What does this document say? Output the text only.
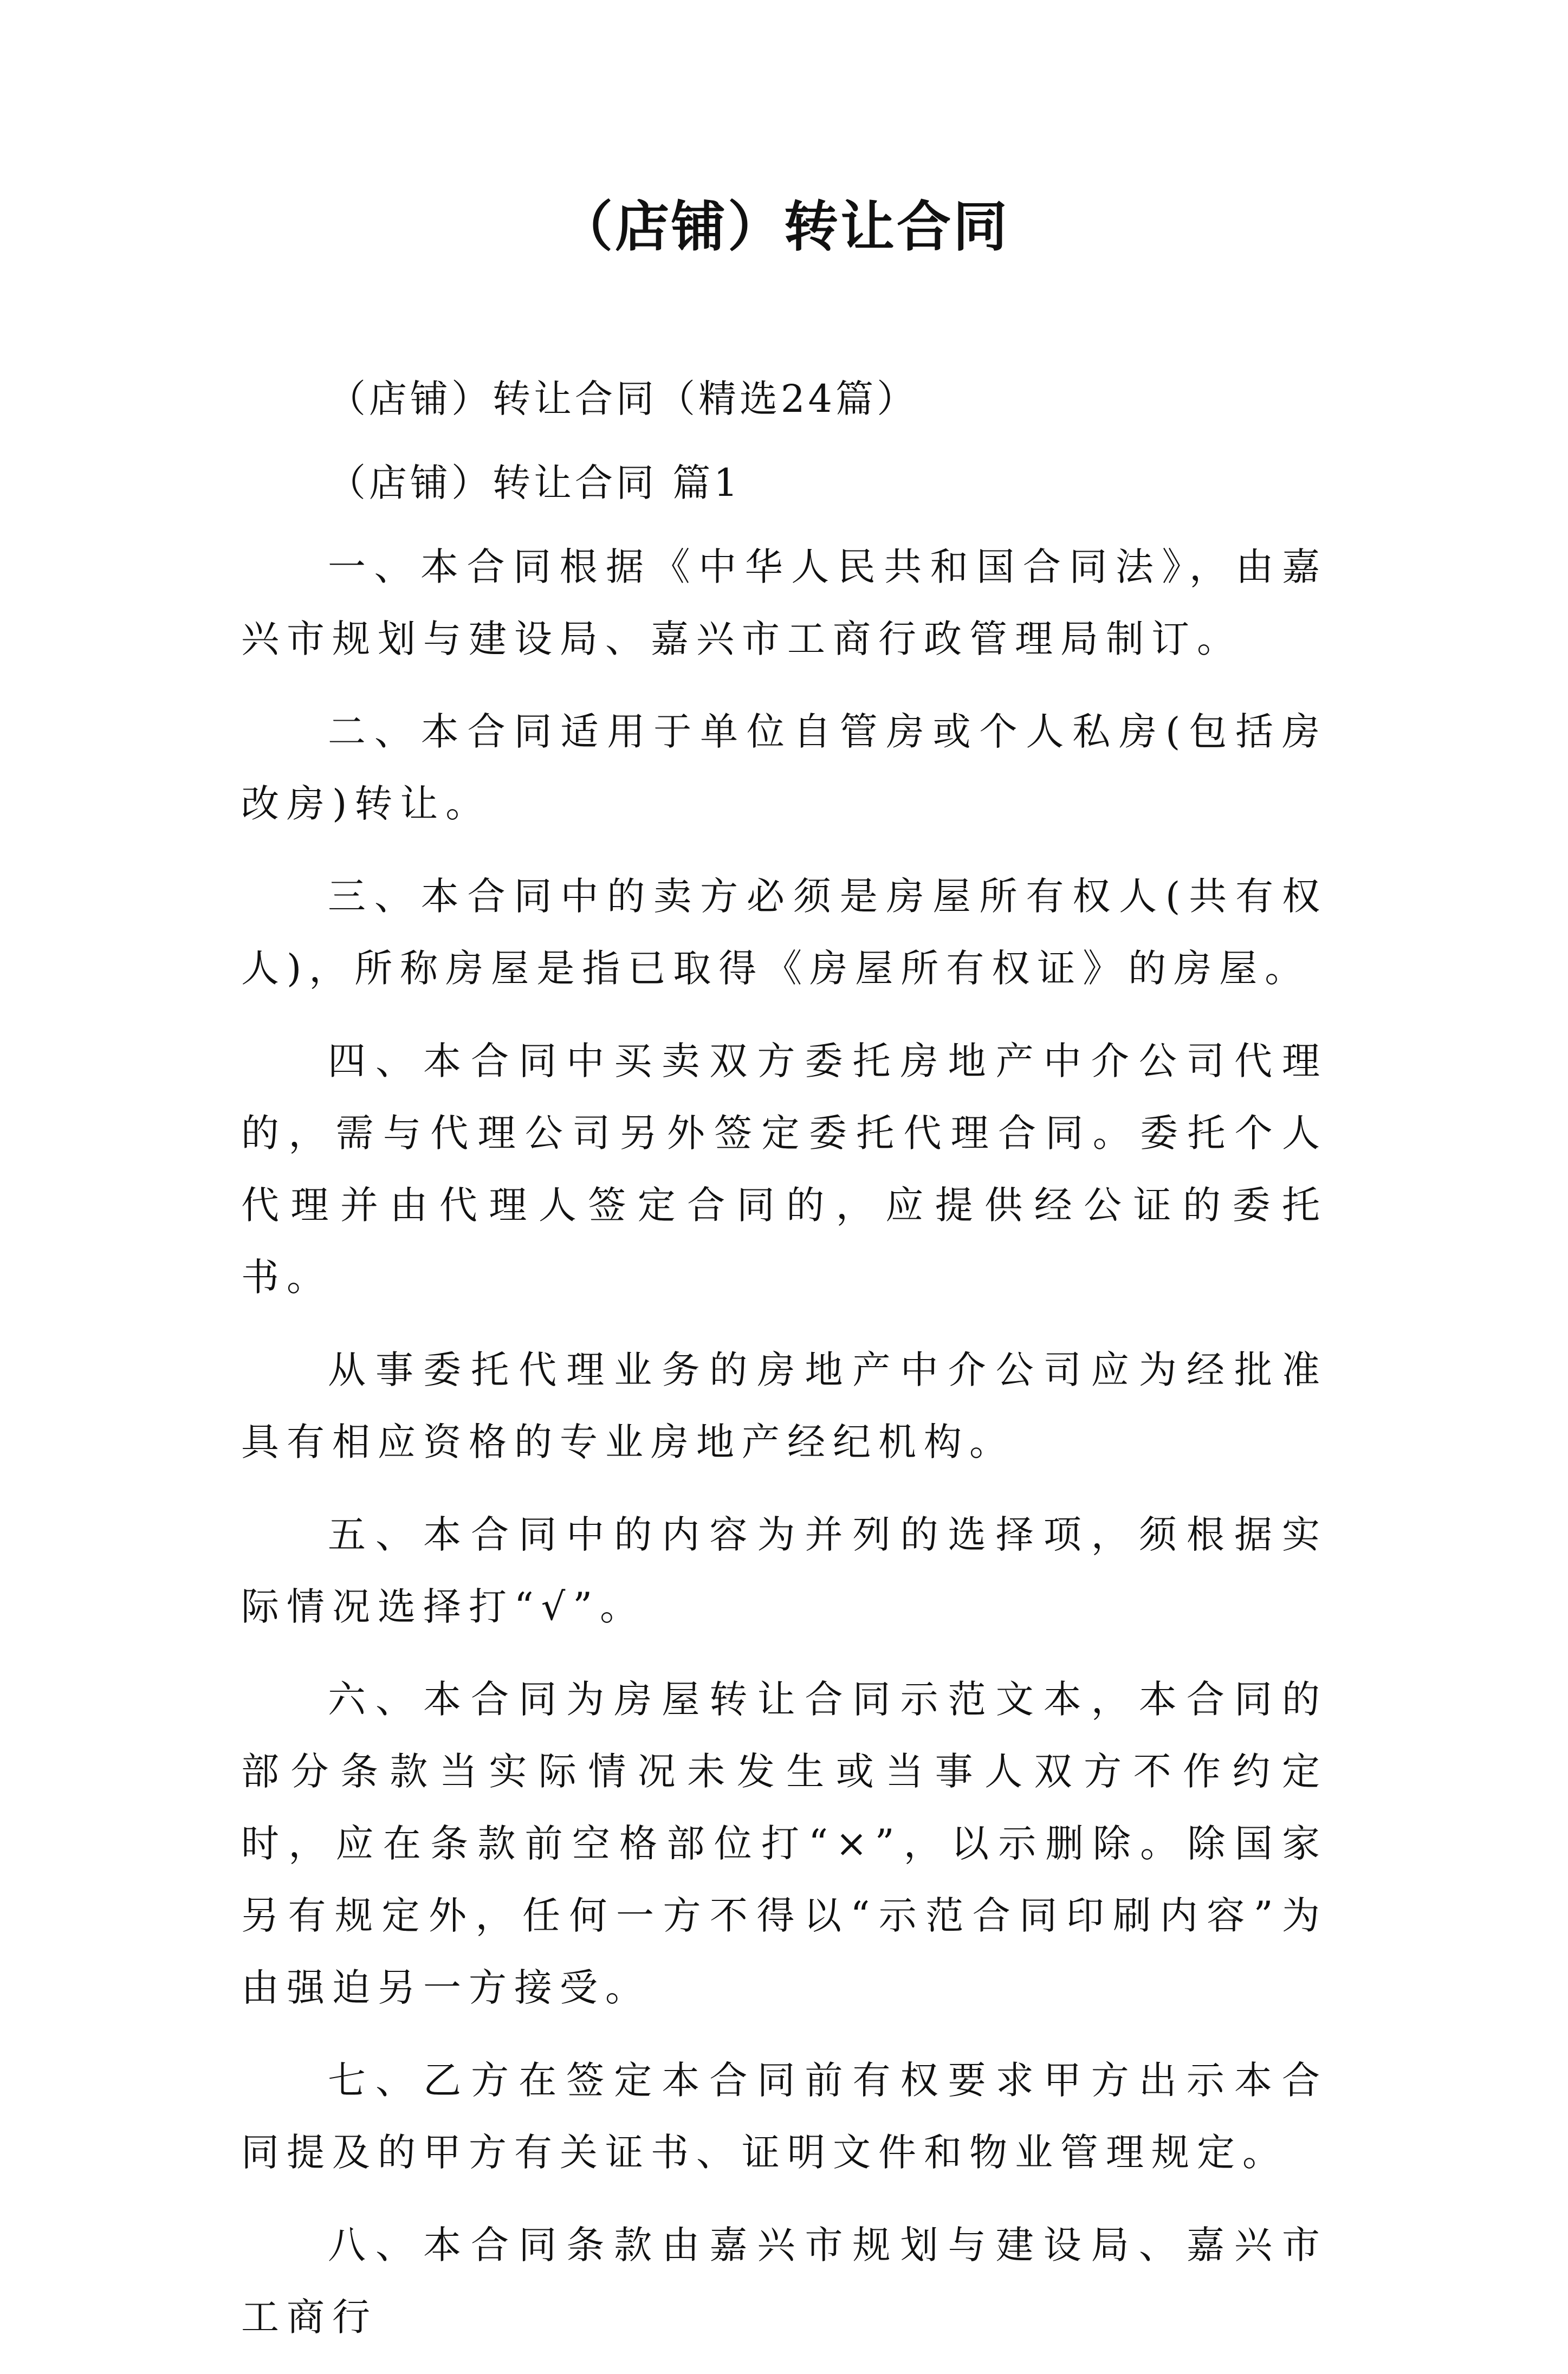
（店铺）转让合同

（店铺）转让合同（精选24篇）

（店铺）转让合同 篇1

一、本合同根据《中华人民共和国合同法》，由嘉兴市规划与建设局、嘉兴市工商行政管理局制订。

二、本合同适用于单位自管房或个人私房(包括房改房)转让。

三、本合同中的卖方必须是房屋所有权人(共有权人)，所称房屋是指已取得《房屋所有权证》的房屋。

四、本合同中买卖双方委托房地产中介公司代理的，需与代理公司另外签定委托代理合同。委托个人代理并由代理人签定合同的，应提供经公证的委托书。

从事委托代理业务的房地产中介公司应为经批准具有相应资格的专业房地产经纪机构。

五、本合同中的内容为并列的选择项，须根据实际情况选择打“√”。

六、本合同为房屋转让合同示范文本，本合同的部分条款当实际情况未发生或当事人双方不作约定时，应在条款前空格部位打“×”，以示删除。除国家另有规定外，任何一方不得以“示范合同印刷内容”为由强迫另一方接受。

七、乙方在签定本合同前有权要求甲方出示本合同提及的甲方有关证书、证明文件和物业管理规定。

八、本合同条款由嘉兴市规划与建设局、嘉兴市工商行
